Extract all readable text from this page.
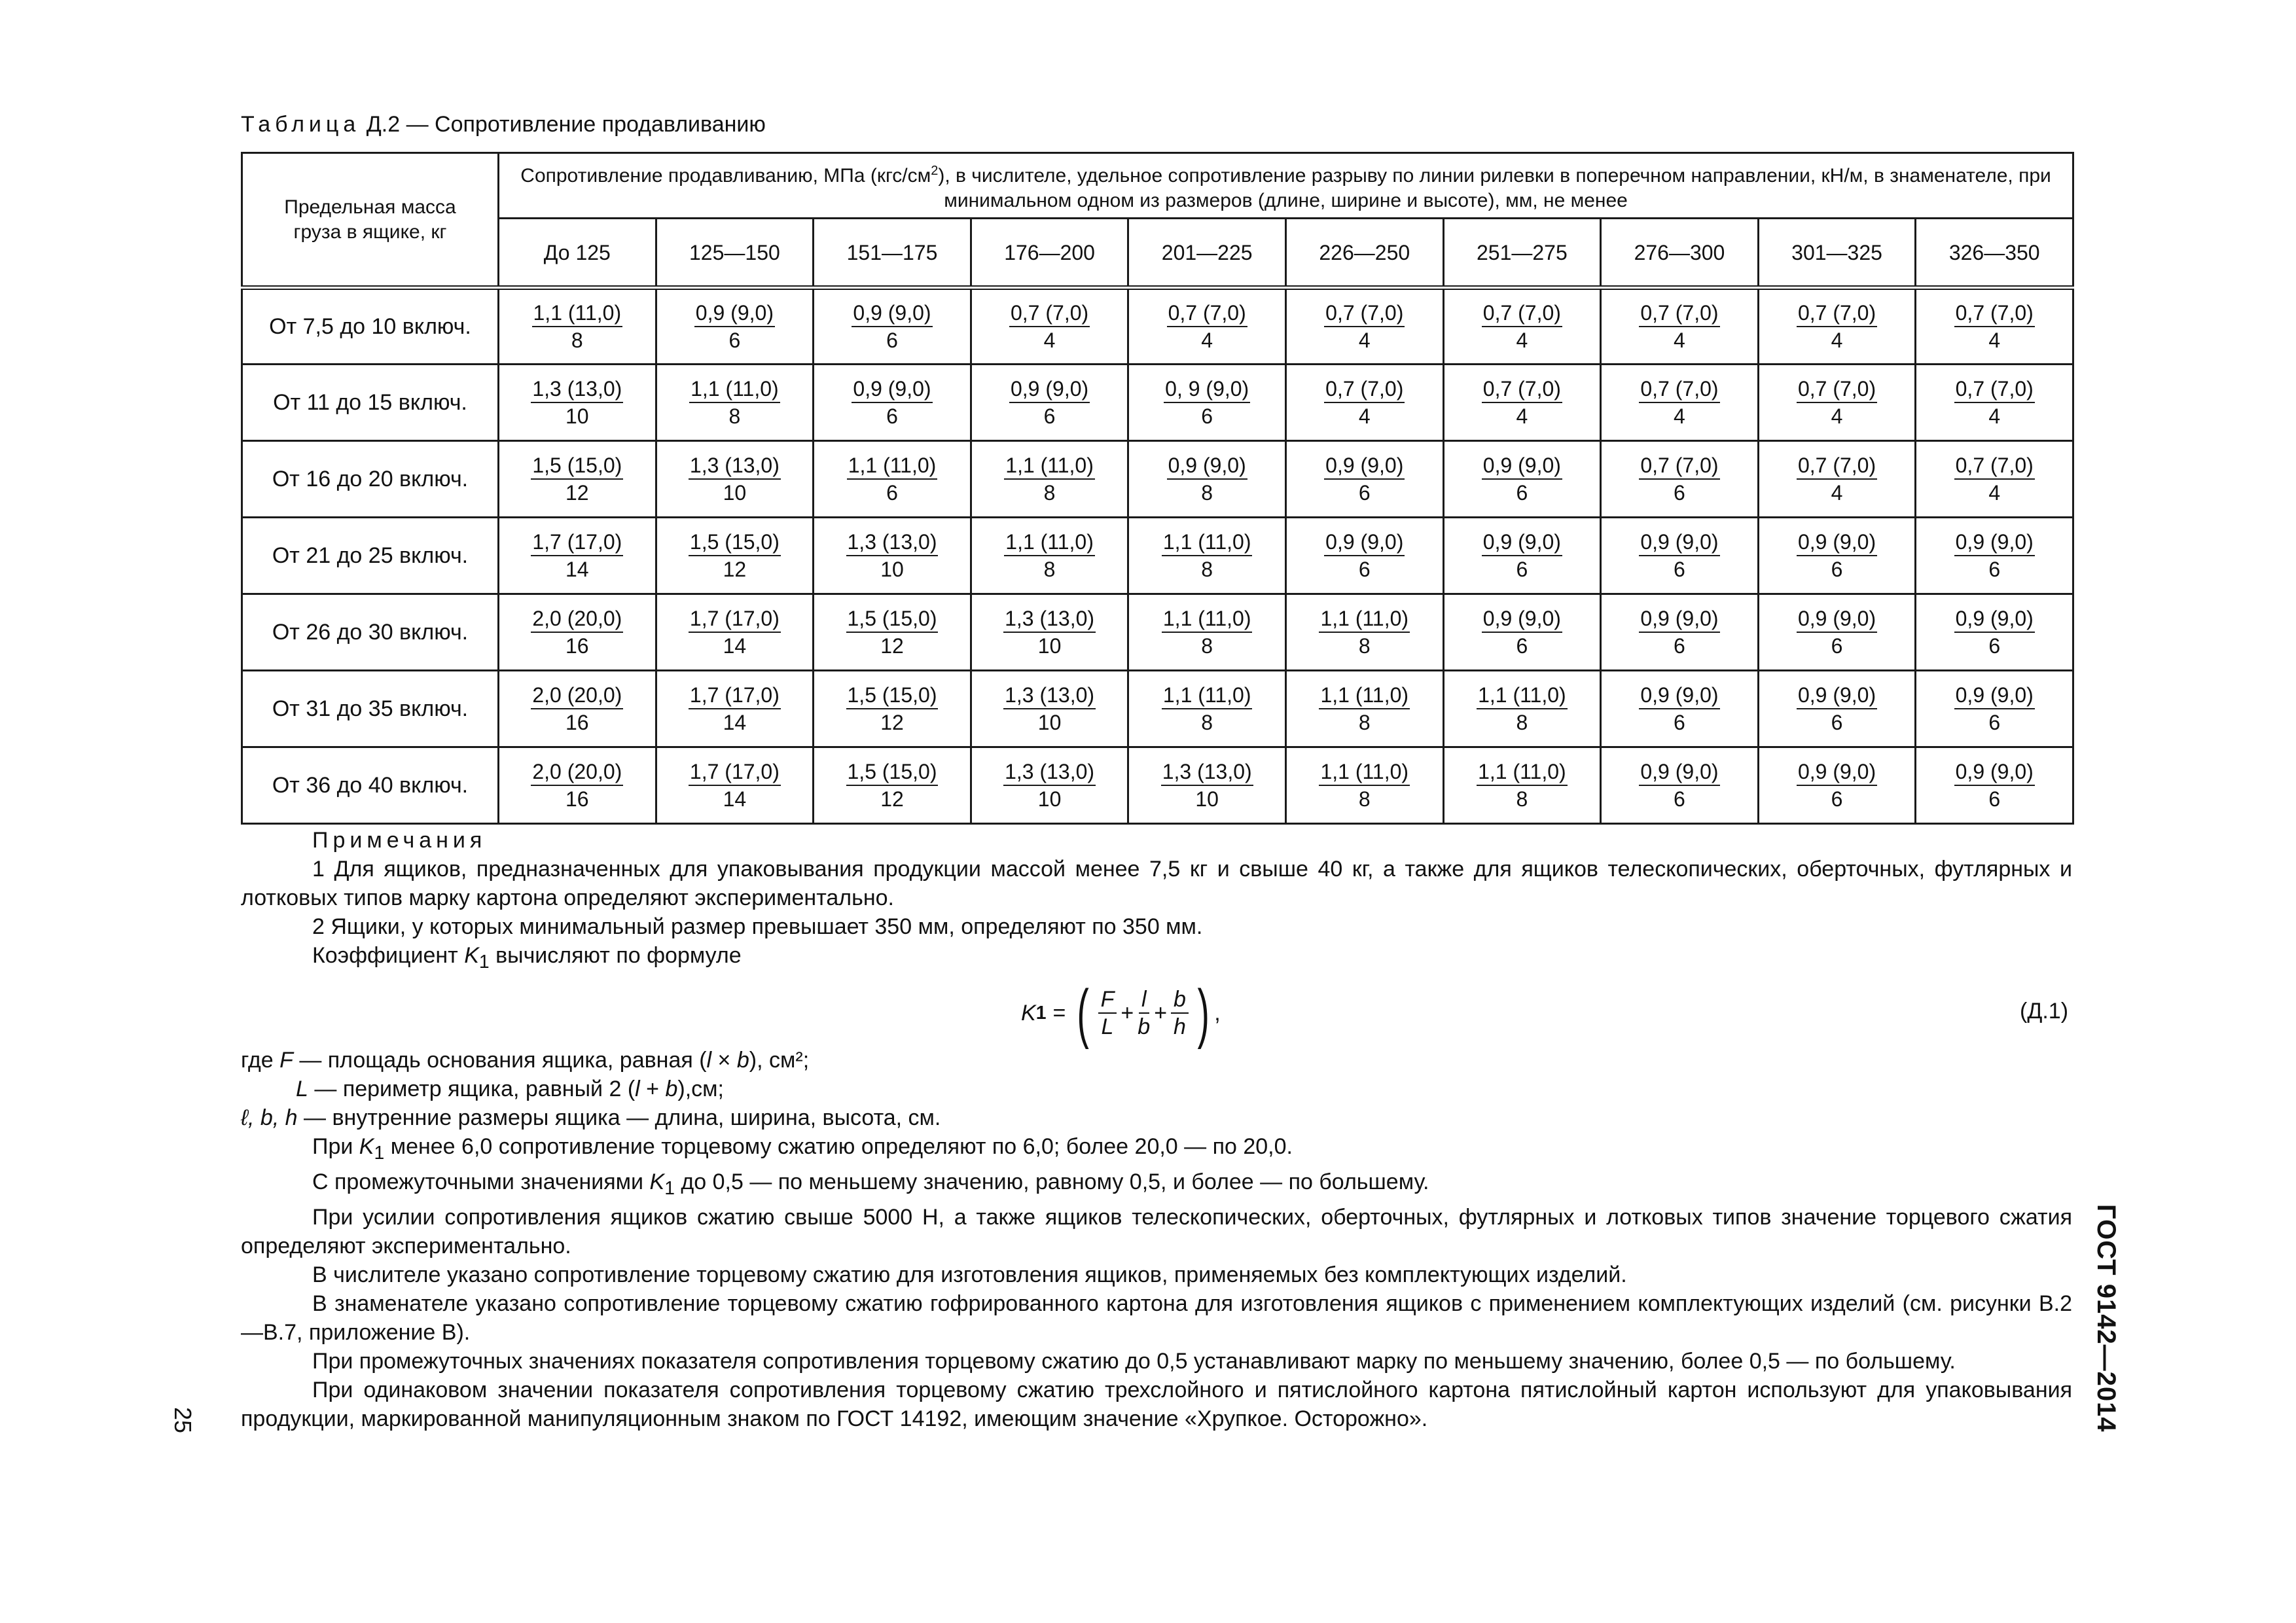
Таблица Д.2 — Сопротивление продавливанию
Предельная масса груза в ящике, кг	Сопротивление продавливанию, МПа $(кгс/см^2)$, в числителе, удельное сопротивление разрыву по линии рилевки в поперечном направлении, кН/м, в знаменателе, при минимальном одном из размеров (длине, ширине и высоте), мм, не менее									
	До 125	125—150	151—175	176—200	201—225	226—250	251—275	276—300	301—325	326—350
От 7,5 до 10 включ.	$\frac{1,1 (11,0)}{8}$	$\frac{0,9 (9,0)}{6}$	$\frac{0,9 (9,0)}{6}$	$\frac{0,7 (7,0)}{4}$	$\frac{0,7 (7,0)}{4}$	$\frac{0,7 (7,0)}{4}$	$\frac{0,7 (7,0)}{4}$	$\frac{0,7 (7,0)}{4}$	$\frac{0,7 (7,0)}{4}$	$\frac{0,7 (7,0)}{4}$

От 11 до 15 включ.	$\frac{1,3 (13,0)}{10}$	$\frac{1,1 (11,0)}{8}$	$\frac{0,9 (9,0)}{6}$	$\frac{0,9 (9,0)}{6}$	$\frac{0, 9 (9,0)}{6}$	$\frac{0,7 (7,0)}{4}$	$\frac{0,7 (7,0)}{4}$	$\frac{0,7 (7,0)}{4}$	$\frac{0,7 (7,0)}{4}$	$\frac{0,7 (7,0)}{4}$

От 16 до 20 включ.	$\frac{1,5 (15,0)}{12}$	$\frac{1,3 (13,0)}{10}$	$\frac{1,1 (11,0)}{6}$	$\frac{1,1 (11,0)}{8}$	$\frac{0,9 (9,0)}{8}$	$\frac{0,9 (9,0)}{6}$	$\frac{0,9 (9,0)}{6}$	$\frac{0,7 (7,0)}{6}$	$\frac{0,7 (7,0)}{4}$	$\frac{0,7 (7,0)}{4}$

От 21 до 25 включ.	$\frac{1,7 (17,0)}{14}$	$\frac{1,5 (15,0)}{12}$	$\frac{1,3 (13,0)}{10}$	$\frac{1,1 (11,0)}{8}$	$\frac{1,1 (11,0)}{8}$	$\frac{0,9 (9,0)}{6}$	$\frac{0,9 (9,0)}{6}$	$\frac{0,9 (9,0)}{6}$	$\frac{0,9 (9,0)}{6}$	$\frac{0,9 (9,0)}{6}$

От 26 до 30 включ.	$\frac{2,0 (20,0)}{16}$	$\frac{1,7 (17,0)}{14}$	$\frac{1,5 (15,0)}{12}$	$\frac{1,3 (13,0)}{10}$	$\frac{1,1 (11,0)}{8}$	$\frac{1,1 (11,0)}{8}$	$\frac{0,9 (9,0)}{6}$	$\frac{0,9 (9,0)}{6}$	$\frac{0,9 (9,0)}{6}$	$\frac{0,9 (9,0)}{6}$

От 31 до 35 включ.	$\frac{2,0 (20,0)}{16}$	$\frac{1,7 (17,0)}{14}$	$\frac{1,5 (15,0)}{12}$	$\frac{1,3 (13,0)}{10}$	$\frac{1,1 (11,0)}{8}$	$\frac{1,1 (11,0)}{8}$	$\frac{1,1 (11,0)}{8}$	$\frac{0,9 (9,0)}{6}$	$\frac{0,9 (9,0)}{6}$	$\frac{0,9 (9,0)}{6}$

От 36 до 40 включ.	$\frac{2,0 (20,0)}{16}$	$\frac{1,7 (17,0)}{14}$	$\frac{1,5 (15,0)}{12}$	$\frac{1,3 (13,0)}{10}$	$\frac{1,3 (13,0)}{10}$	$\frac{1,1 (11,0)}{8}$	$\frac{1,1 (11,0)}{8}$	$\frac{0,9 (9,0)}{6}$	$\frac{0,9 (9,0)}{6}$	$\frac{0,9 (9,0)}{6}$

Примечания

1 Для ящиков, предназначенных для упаковывания продукции массой менее 7,5 кг и свыше 40 кг, а также для ящиков телескопических, оберточных, футлярных и лотковых типов марку картона определяют экспериментально.

2 Ящики, у которых минимальный размер превышает 350 мм, определяют по 350 мм.

Коэффициент $K_1$ вычисляют по формуле

K 1 = ( $\frac{F}{L} + \frac{l}{b} + \frac{b}{h}$ ) ,	(Д.1)
где F — площадь основания ящика, равная (l × b), см²;
L — периметр ящика, равный 2 (l + b),см;
ℓ, b, h — внутренние размеры ящика — длина, ширина, высота, см.

При $K_1$ менее 6,0 сопротивление торцевому сжатию определяют по 6,0; более 20,0 — по 20,0.

С промежуточными значениями $K_1$ до 0,5 — по меньшему значению, равному 0,5, и более — по большему.

При усилии сопротивления ящиков сжатию свыше 5000 Н, а также ящиков телескопических, оберточных, футлярных и лотковых типов значение торцевого сжатия определяют экспериментально.

В числителе указано сопротивление торцевому сжатию для изготовления ящиков, применяемых без комплектующих изделий.

В знаменателе указано сопротивление торцевому сжатию гофрированного картона для изготовления ящиков с применением комплектующих изделий (см. рисунки В.2—В.7, приложение В).

При промежуточных значениях показателя сопротивления торцевому сжатию до 0,5 устанавливают марку по меньшему значению, более 0,5 — по большему.

При одинаковом значении показателя сопротивления торцевому сжатию трехслойного и пятислойного картона пятислойный картон используют для упаковывания продукции, маркированной манипуляционным знаком по ГОСТ 14192, имеющим значение «Хрупкое. Осторожно».	ГОСТ 9142—2014
25
